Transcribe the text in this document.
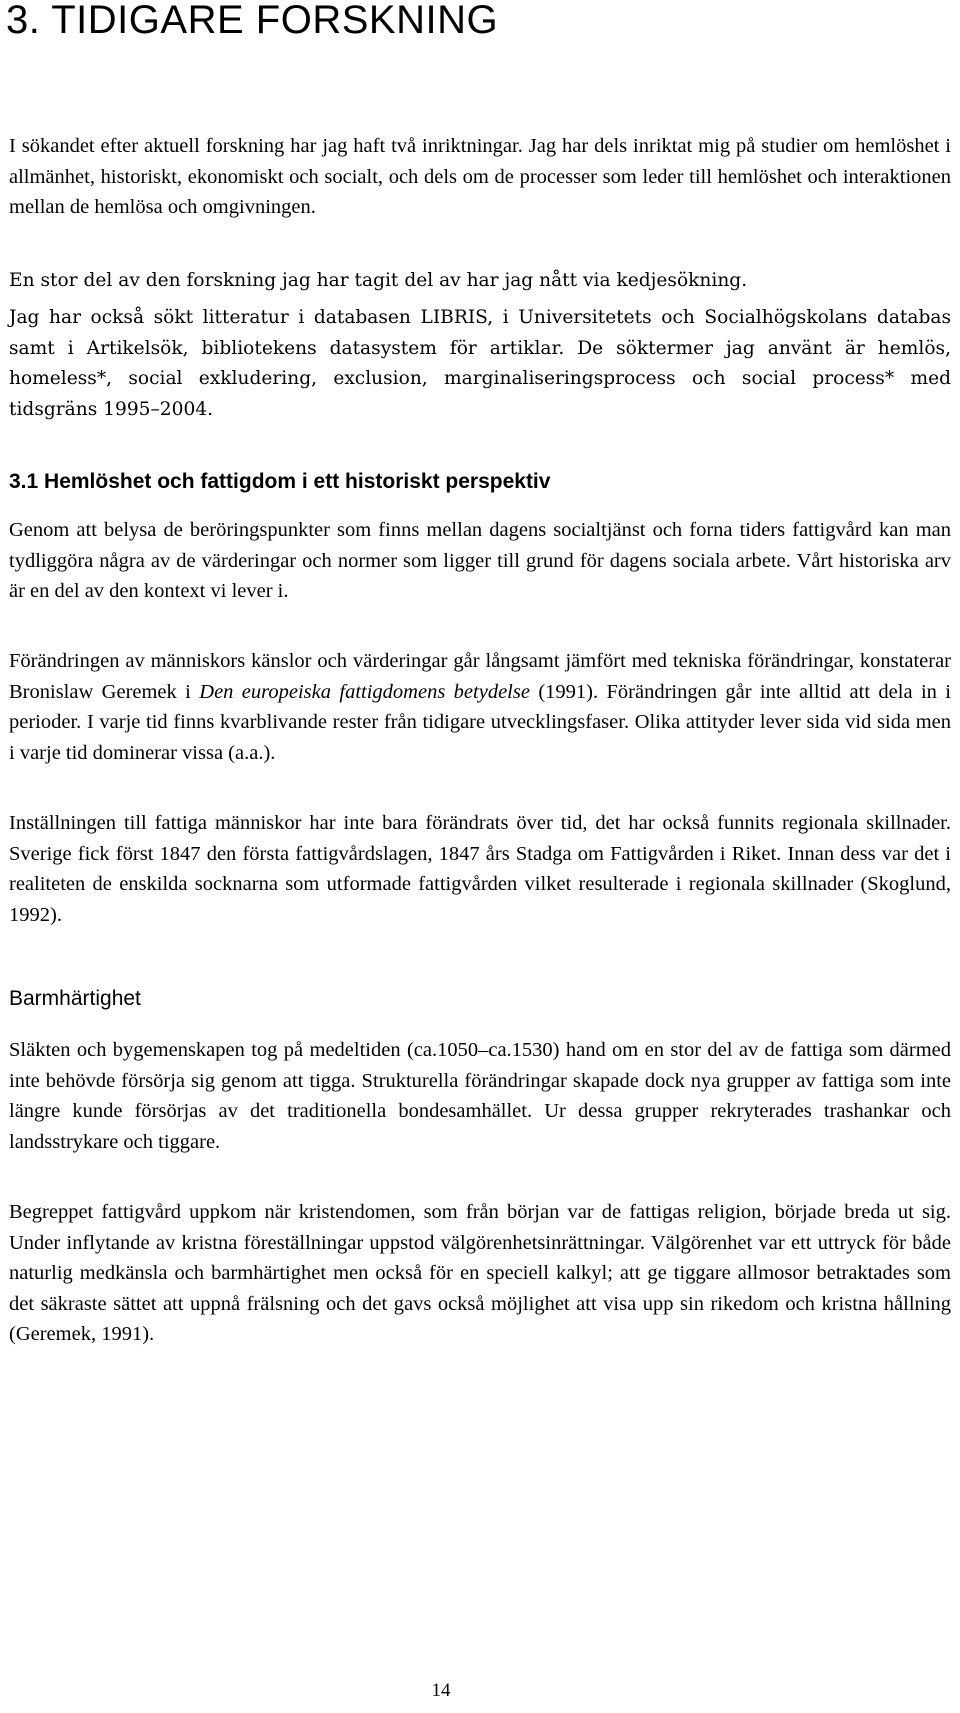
3. TIDIGARE FORSKNING

I sökandet efter aktuell forskning har jag haft två inriktningar. Jag har dels inriktat mig på studier om hemlöshet i allmänhet, historiskt, ekonomiskt och socialt, och dels om de processer som leder till hemlöshet och interaktionen mellan de hemlösa och omgivningen.

En stor del av den forskning jag har tagit del av har jag nått via kedjesökning.

Jag har också sökt litteratur i databasen LIBRIS, i Universitetets och Socialhögskolans databas samt i Artikelsök, bibliotekens datasystem för artiklar. De söktermer jag använt är hemlös, homeless*, social exkludering, exclusion, marginaliseringsprocess och social process* med tidsgräns 1995–2004.

3.1 Hemlöshet och fattigdom i ett historiskt perspektiv

Genom att belysa de beröringspunkter som finns mellan dagens socialtjänst och forna tiders fattigvård kan man tydliggöra några av de värderingar och normer som ligger till grund för dagens sociala arbete. Vårt historiska arv är en del av den kontext vi lever i.

Förändringen av människors känslor och värderingar går långsamt jämfört med tekniska förändringar, konstaterar Bronislaw Geremek i Den europeiska fattigdomens betydelse (1991). Förändringen går inte alltid att dela in i perioder. I varje tid finns kvarblivande rester från tidigare utvecklingsfaser. Olika attityder lever sida vid sida men i varje tid dominerar vissa (a.a.).

Inställningen till fattiga människor har inte bara förändrats över tid, det har också funnits regionala skillnader. Sverige fick först 1847 den första fattigvårdslagen, 1847 års Stadga om Fattigvården i Riket. Innan dess var det i realiteten de enskilda socknarna som utformade fattigvården vilket resulterade i regionala skillnader (Skoglund, 1992).

Barmhärtighet

Släkten och bygemenskapen tog på medeltiden (ca.1050–ca.1530) hand om en stor del av de fattiga som därmed inte behövde försörja sig genom att tigga. Strukturella förändringar skapade dock nya grupper av fattiga som inte längre kunde försörjas av det traditionella bondesamhället. Ur dessa grupper rekryterades trashankar och landsstrykare och tiggare.

Begreppet fattigvård uppkom när kristendomen, som från början var de fattigas religion, började breda ut sig. Under inflytande av kristna föreställningar uppstod välgörenhetsinrättningar. Välgörenhet var ett uttryck för både naturlig medkänsla och barmhärtighet men också för en speciell kalkyl; att ge tiggare allmosor betraktades som det säkraste sättet att uppnå frälsning och det gavs också möjlighet att visa upp sin rikedom och kristna hållning (Geremek, 1991).

14
